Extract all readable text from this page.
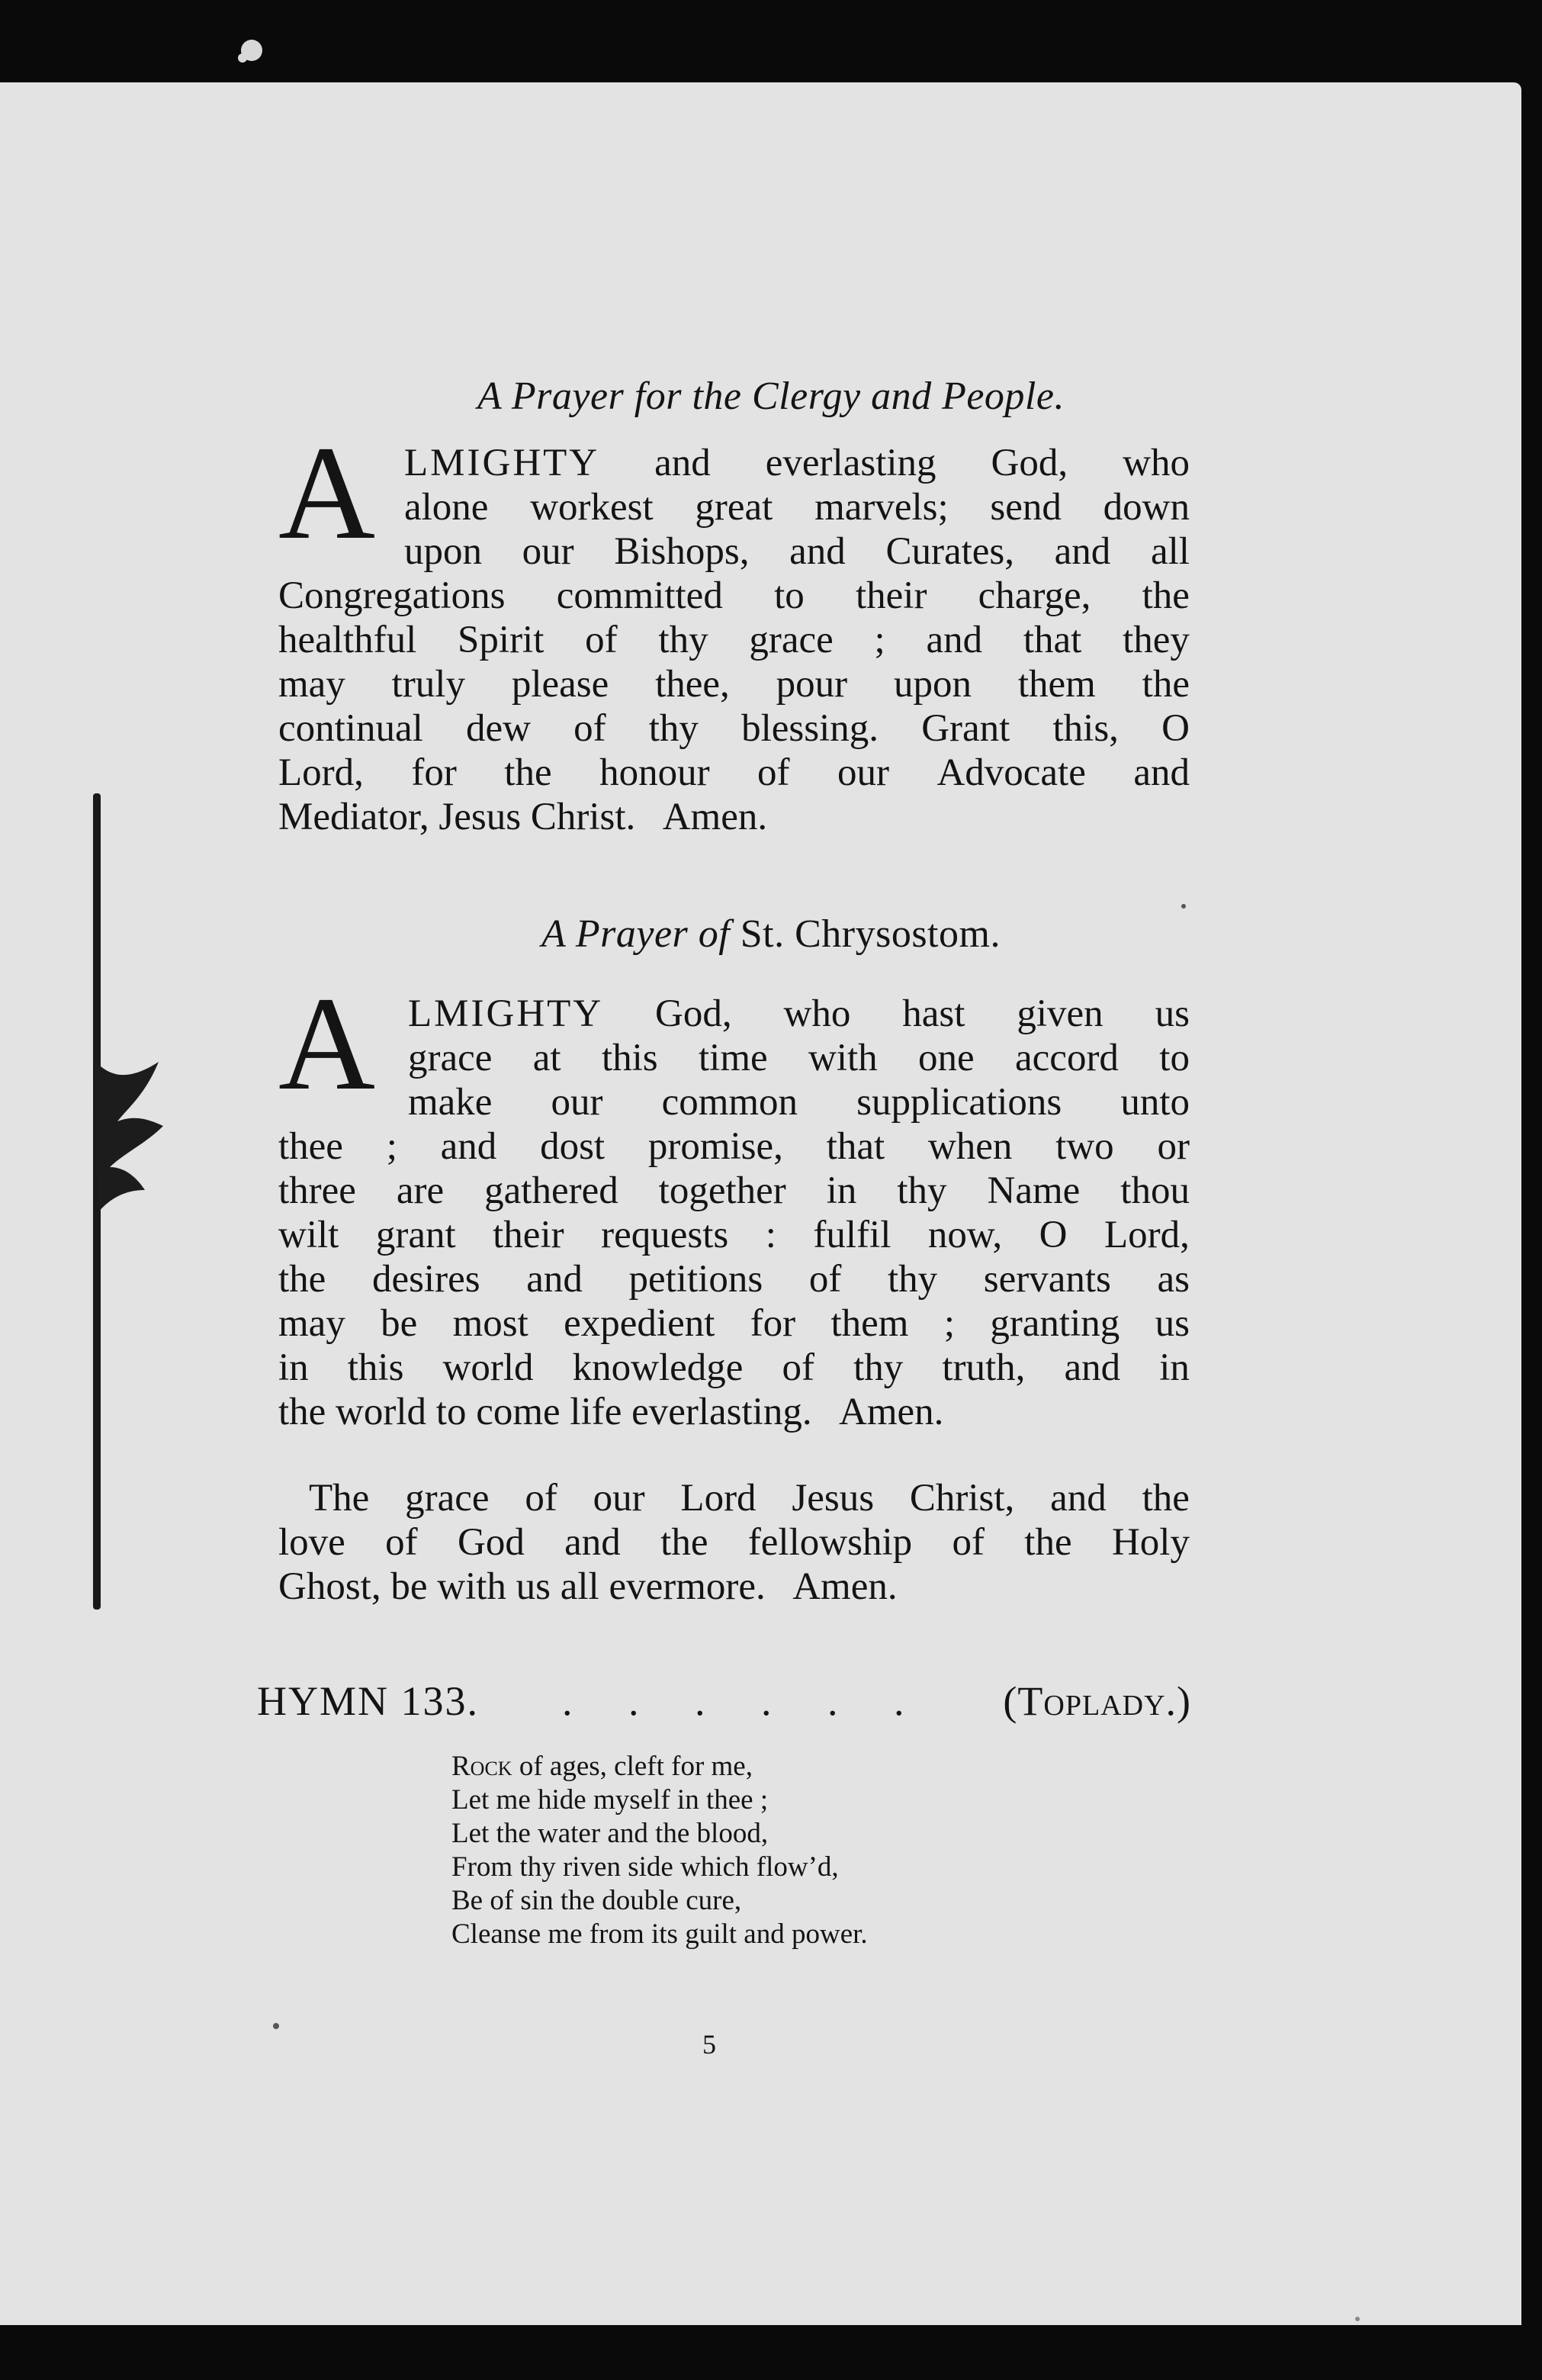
A Prayer for the Clergy and People.
A LMIGHTY and everlasting God, who
alone workest great marvels; send down
upon our Bishops, and Curates, and all
Congregations committed to their charge, the
healthful Spirit of thy grace ; and that they
may truly please thee, pour upon them the
continual dew of thy blessing. Grant this, O
Lord, for the honour of our Advocate and
Mediator, Jesus Christ.   Amen.
A Prayer of St. Chrysostom.
A LMIGHTY God, who hast given us
grace at this time with one accord to
make our common supplications unto
thee ; and dost promise, that when two or
three are gathered together in thy Name thou
wilt grant their requests : fulfil now, O Lord,
the desires and petitions of thy servants as
may be most expedient for them ; granting us
in this world knowledge of thy truth, and in
the world to come life everlasting.   Amen.
The grace of our Lord Jesus Christ, and the
love of God and the fellowship of the Holy
Ghost, be with us all evermore.   Amen.
HYMN 133. . . . . . . (Toplady.)
Rock of ages, cleft for me,
Let me hide myself in thee ;
Let the water and the blood,
From thy riven side which flow’d,
Be of sin the double cure,
Cleanse me from its guilt and power.
5
